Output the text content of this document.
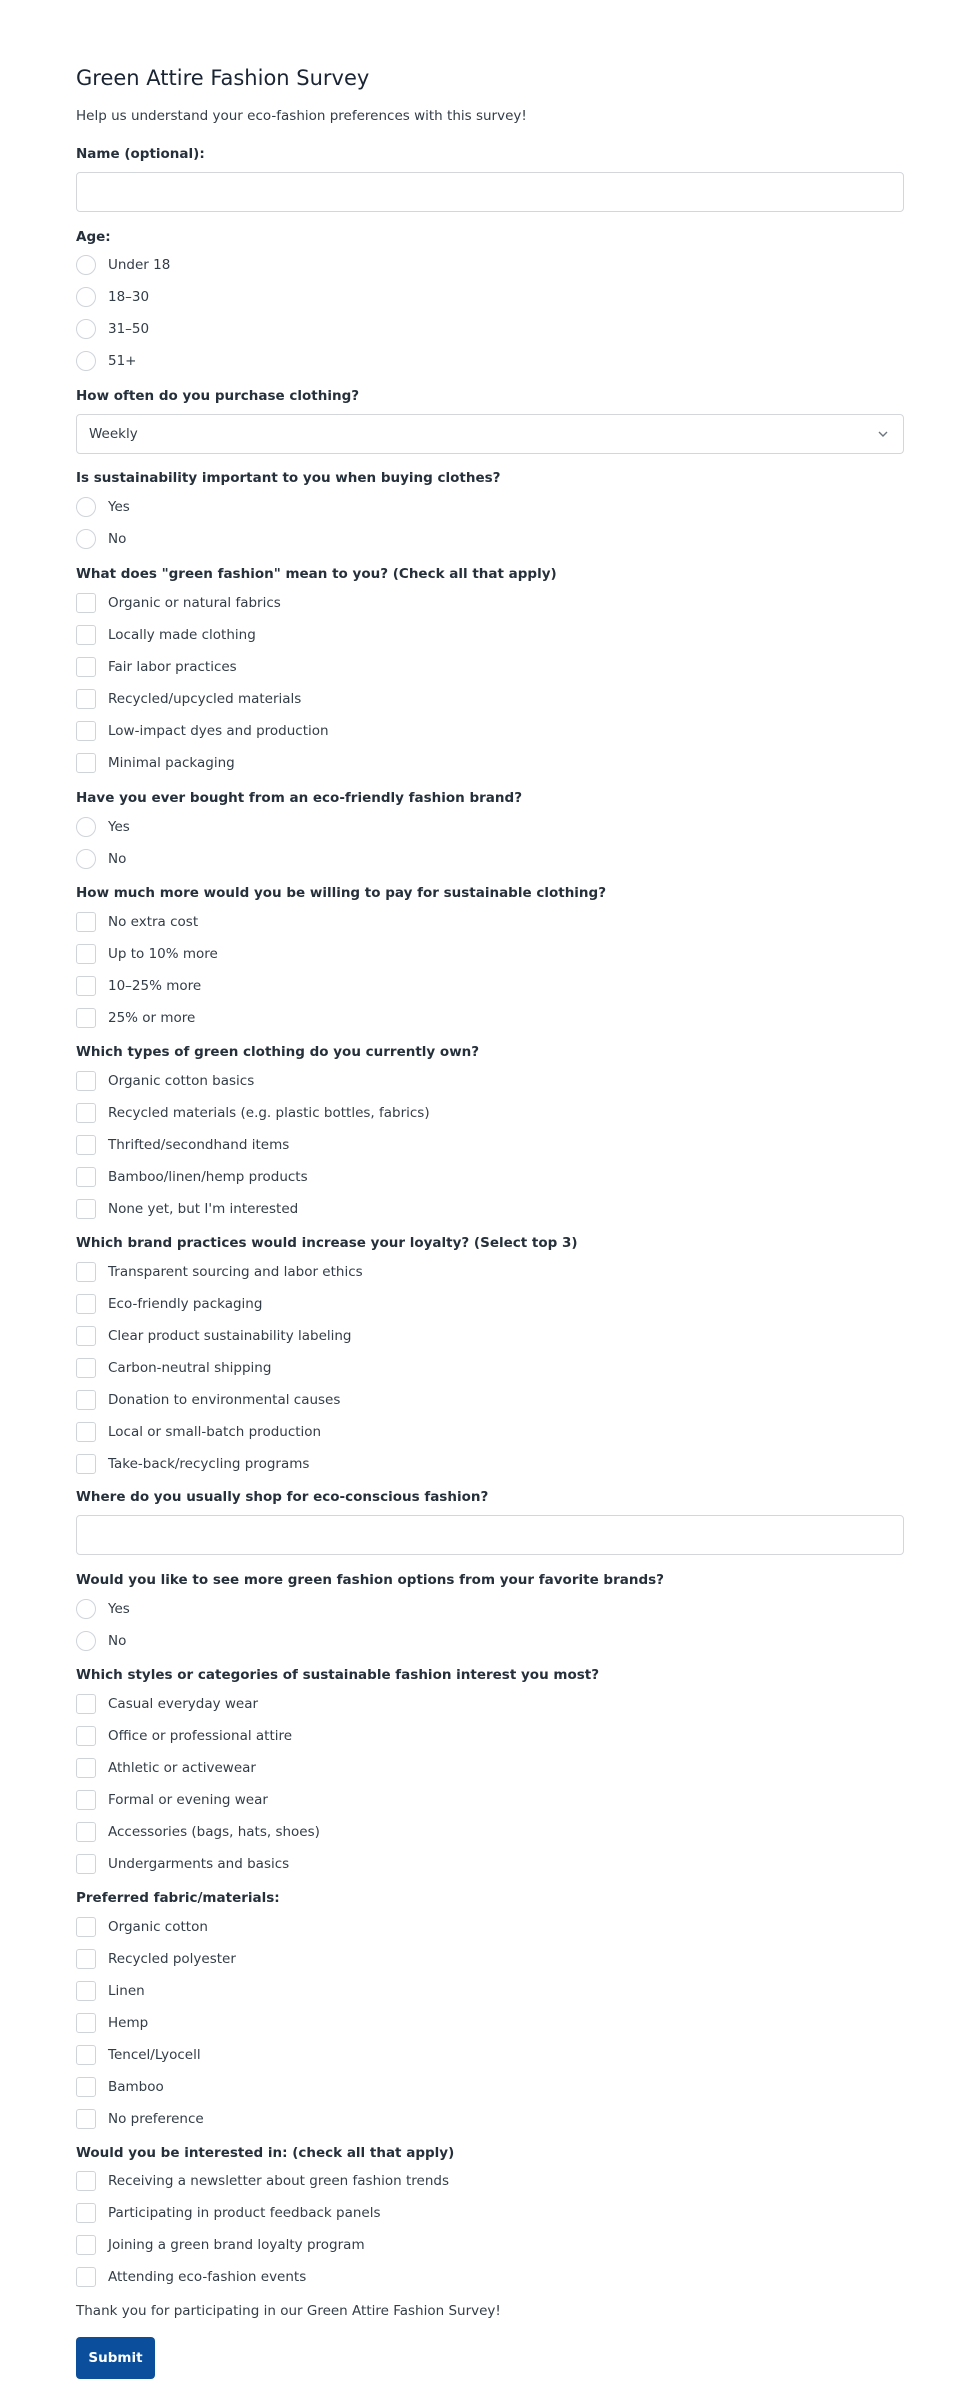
Green Attire Fashion Survey
Help us understand your eco-fashion preferences with this survey!
Name (optional):
Age:
Under 18
18–30
31–50
51+
How often do you purchase clothing?
Weekly
Is sustainability important to you when buying clothes?
Yes
No
What does "green fashion" mean to you? (Check all that apply)
Organic or natural fabrics
Locally made clothing
Fair labor practices
Recycled/upcycled materials
Low-impact dyes and production
Minimal packaging
Have you ever bought from an eco-friendly fashion brand?
Yes
No
How much more would you be willing to pay for sustainable clothing?
No extra cost
Up to 10% more
10–25% more
25% or more
Which types of green clothing do you currently own?
Organic cotton basics
Recycled materials (e.g. plastic bottles, fabrics)
Thrifted/secondhand items
Bamboo/linen/hemp products
None yet, but I'm interested
Which brand practices would increase your loyalty? (Select top 3)
Transparent sourcing and labor ethics
Eco-friendly packaging
Clear product sustainability labeling
Carbon-neutral shipping
Donation to environmental causes
Local or small-batch production
Take-back/recycling programs
Where do you usually shop for eco-conscious fashion?
Would you like to see more green fashion options from your favorite brands?
Yes
No
Which styles or categories of sustainable fashion interest you most?
Casual everyday wear
Office or professional attire
Athletic or activewear
Formal or evening wear
Accessories (bags, hats, shoes)
Undergarments and basics
Preferred fabric/materials:
Organic cotton
Recycled polyester
Linen
Hemp
Tencel/Lyocell
Bamboo
No preference
Would you be interested in: (check all that apply)
Receiving a newsletter about green fashion trends
Participating in product feedback panels
Joining a green brand loyalty program
Attending eco-fashion events
Thank you for participating in our Green Attire Fashion Survey!
Submit
